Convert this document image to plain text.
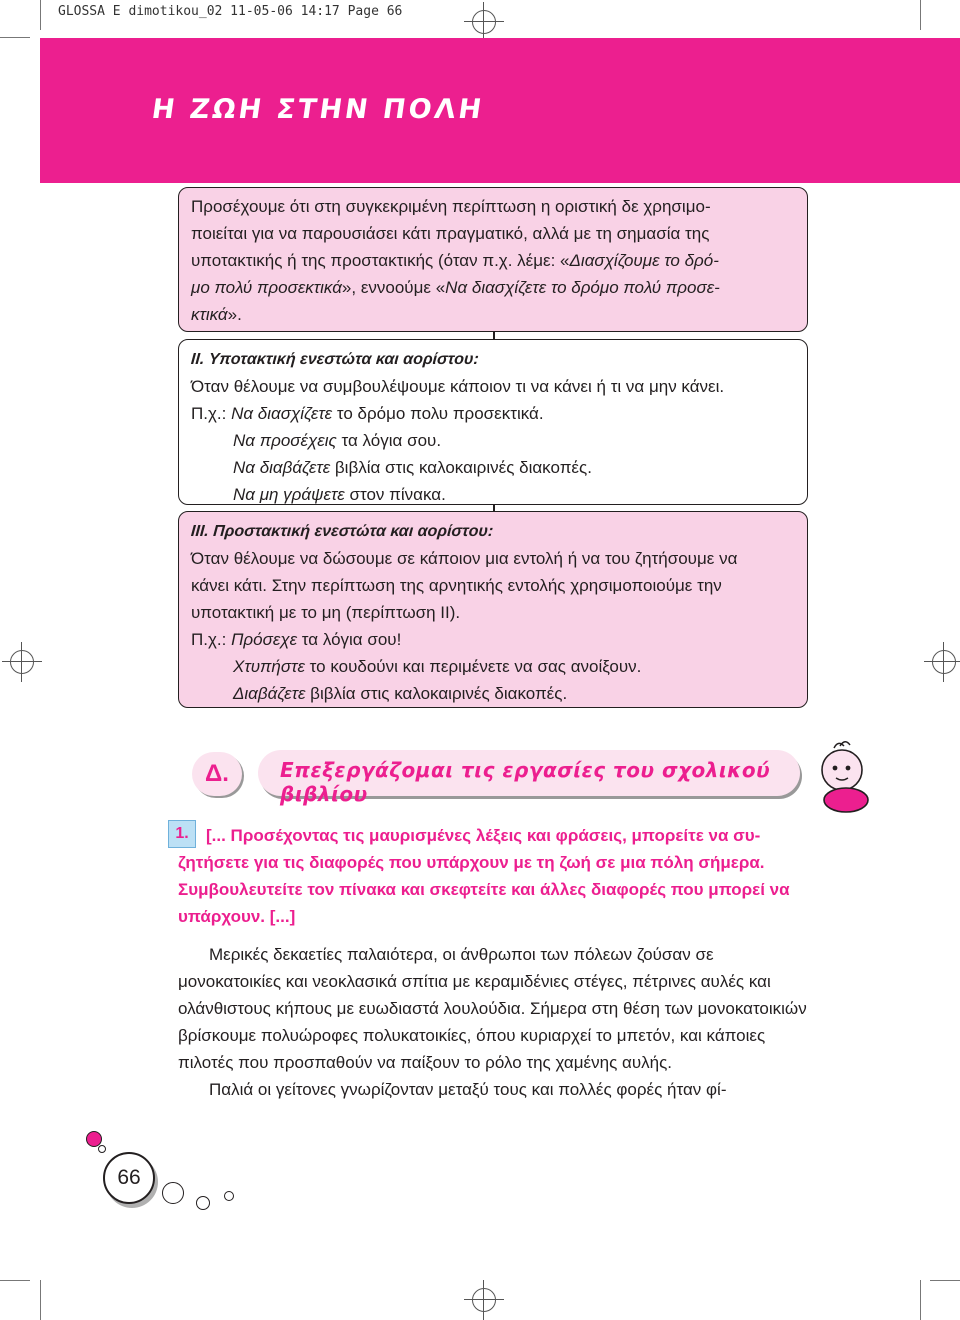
GLOSSA E dimotikou_02 11-05-06 14:17 Page 66
Η ΖΩΗ ΣΤΗΝ ΠΟΛΗ

Προσέχουμε ότι στη συγκεκριμένη περίπτωση η οριστική δε χρησιμο-

ποιείται για να παρουσιάσει κάτι πραγματικό, αλλά με τη σημασία της

υποτακτικής ή της προστακτικής (όταν π.χ. λέμε: «Διασχίζουμε το δρό-

μο πολύ προσεκτικά», εννοούμε «Να διασχίζετε το δρόμο πολύ προσε-

κτικά».

II. Υποτακτική ενεστώτα και αορίστου:

Όταν θέλουμε να συμβουλέψουμε κάποιον τι να κάνει ή τι να μην κάνει.

Π.χ.: Να διασχίζετε το δρόμο πολυ προσεκτικά.

Να προσέχεις τα λόγια σου.

Να διαβάζετε βιβλία στις καλοκαιρινές διακοπές.

Να μη γράψετε στον πίνακα.

III. Προστακτική ενεστώτα και αορίστου:

Όταν θέλουμε να δώσουμε σε κάποιον μια εντολή ή να του ζητήσουμε να

κάνει κάτι. Στην περίπτωση της αρνητικής εντολής χρησιμοποιούμε την

υποτακτική με το μη (περίπτωση ΙΙ).

Π.χ.: Πρόσεχε τα λόγια σου!

Χτυπήστε το κουδούνι και περιμένετε να σας ανοίξουν.

Διαβάζετε βιβλία στις καλοκαιρινές διακοπές.

Δ.	Επεξεργάζομαι τις εργασίες του σχολικού βιβλίου
1.	[... Προσέχοντας τις μαυρισμένες λέξεις και φράσεις, μπορείτε να συ-ζητήσετε για τις διαφορές που υπάρχουν με τη ζωή σε μια πόλη σήμερα. Συμβουλευτείτε τον πίνακα και σκεφτείτε και άλλες διαφορές που μπορεί να υπάρχουν. [...]

Μερικές δεκαετίες παλαιότερα, οι άνθρωποι των πόλεων ζούσαν σε μονοκατοικίες και νεοκλασικά σπίτια με κεραμιδένιες στέγες, πέτρινες αυλές και ολάνθιστους κήπους με ευωδιαστά λουλούδια. Σήμερα στη θέση των μονοκατοικιών βρίσκουμε πολυώροφες πολυκατοικίες, όπου κυριαρχεί το μπετόν, και κάποιες πιλοτές που προσπαθούν να παίξουν το ρόλο της χαμένης αυλής.

Παλιά οι γείτονες γνωρίζονταν μεταξύ τους και πολλές φορές ήταν φί-

66
